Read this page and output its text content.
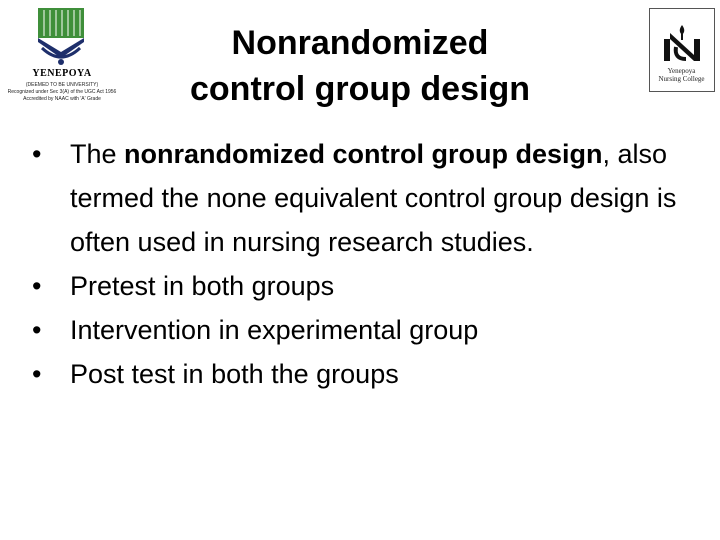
YENEPOYA
(DEEMED TO BE UNIVERSITY)
Recognized under Sec 3(A) of the UGC Act 1956
Accredited by NAAC with 'A' Grade
Nonrandomized
control group design	Yenepoya
Nursing College
• The nonrandomized control group design, also termed the none equivalent control group design is often used in nursing research studies.
• Pretest in both groups
• Intervention in experimental group
• Post test in both the groups
